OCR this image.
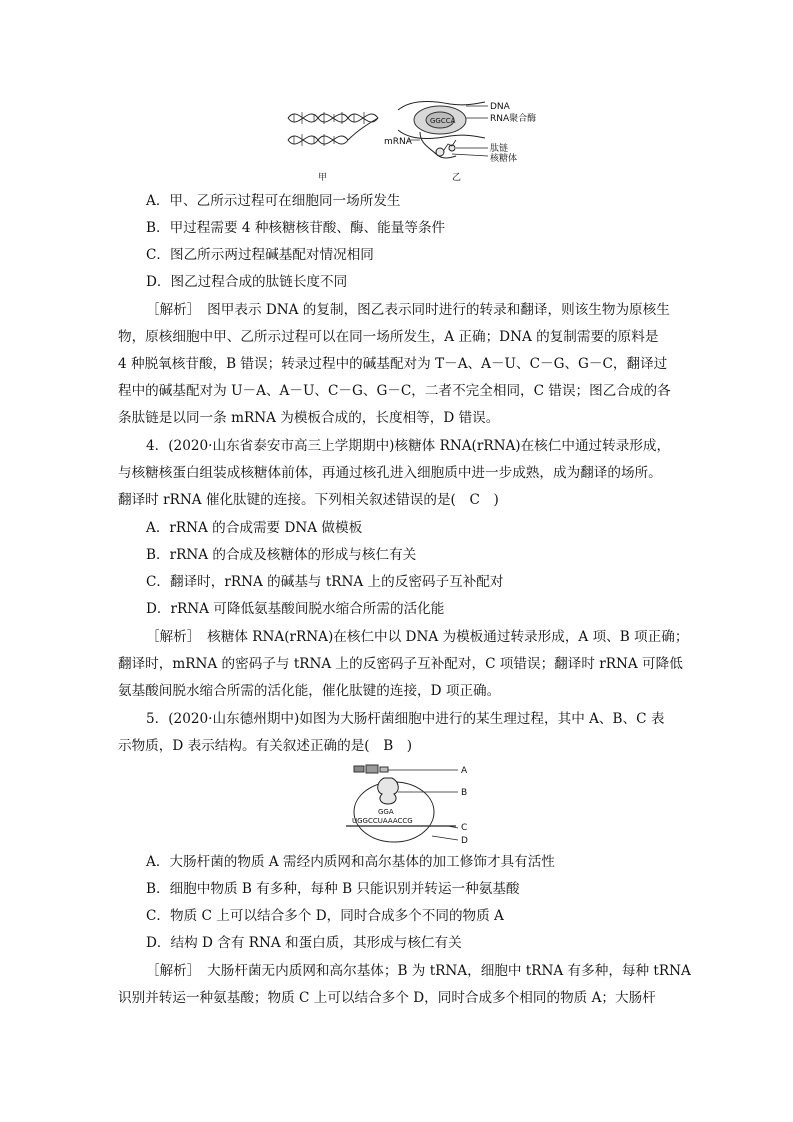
甲
GGCCA
DNA
RNA聚合酶
mRNA
肽链
核糖体
乙
A．甲、乙所示过程可在细胞同一场所发生
B．甲过程需要 4 种核糖核苷酸、酶、能量等条件
C．图乙所示两过程碱基配对情况相同
D．图乙过程合成的肽链长度不同
［解析］　图甲表示 DNA 的复制，图乙表示同时进行的转录和翻译，则该生物为原核生
物，原核细胞中甲、乙所示过程可以在同一场所发生，A 正确；DNA 的复制需要的原料是
4 种脱氧核苷酸，B 错误；转录过程中的碱基配对为 T－A、A－U、C－G、G－C，翻译过
程中的碱基配对为 U－A、A－U、C－G、G－C，二者不完全相同，C 错误；图乙合成的各
条肽链是以同一条 mRNA 为模板合成的，长度相等，D 错误。
4．(2020·山东省泰安市高三上学期期中)核糖体 RNA(rRNA)在核仁中通过转录形成，
与核糖核蛋白组装成核糖体前体，再通过核孔进入细胞质中进一步成熟，成为翻译的场所。
翻译时 rRNA 催化肽键的连接。下列相关叙述错误的是(　C　)
A．rRNA 的合成需要 DNA 做模板
B．rRNA 的合成及核糖体的形成与核仁有关
C．翻译时，rRNA 的碱基与 tRNA 上的反密码子互补配对
D．rRNA 可降低氨基酸间脱水缩合所需的活化能
［解析］　核糖体 RNA(rRNA)在核仁中以 DNA 为模板通过转录形成，A 项、B 项正确；
翻译时，mRNA 的密码子与 tRNA 上的反密码子互补配对，C 项错误；翻译时 rRNA 可降低
氨基酸间脱水缩合所需的活化能，催化肽键的连接，D 项正确。
5．(2020·山东德州期中)如图为大肠杆菌细胞中进行的某生理过程，其中 A、B、C 表
示物质，D 表示结构。有关叙述正确的是(　B　)
A
B
C
D
GGA
UGGCCUAAACCG
A．大肠杆菌的物质 A 需经内质网和高尔基体的加工修饰才具有活性
B．细胞中物质 B 有多种，每种 B 只能识别并转运一种氨基酸
C．物质 C 上可以结合多个 D，同时合成多个不同的物质 A
D．结构 D 含有 RNA 和蛋白质，其形成与核仁有关
［解析］　大肠杆菌无内质网和高尔基体；B 为 tRNA，细胞中 tRNA 有多种，每种 tRNA
识别并转运一种氨基酸；物质 C 上可以结合多个 D，同时合成多个相同的物质 A；大肠杆
